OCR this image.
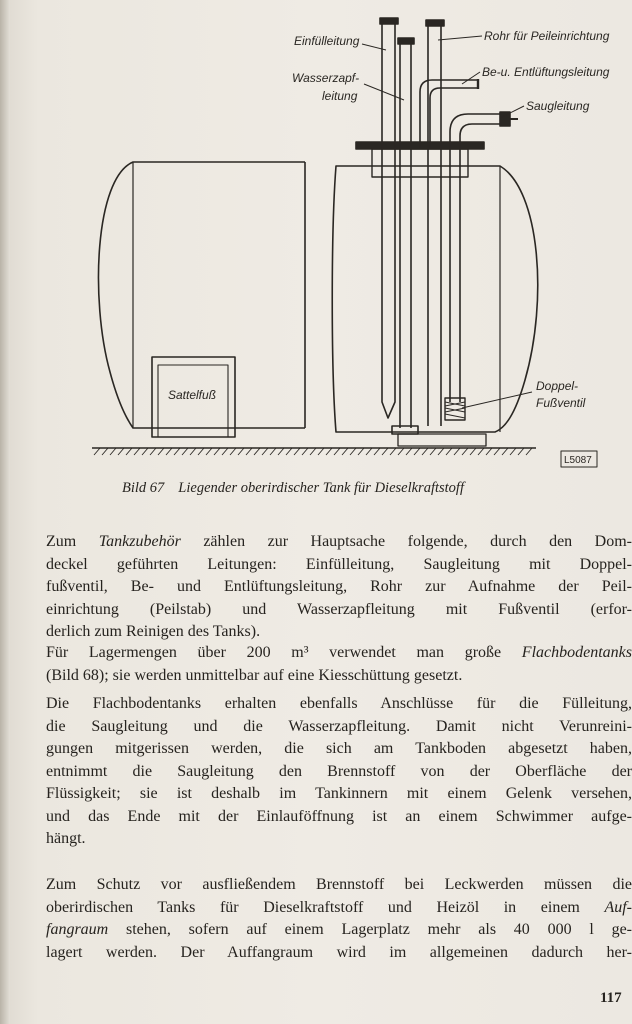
Einfülleitung
Wasserzapf-
leitung
Rohr für Peileinrichtung
Be-u. Entlüftungsleitung
Saugleitung
Sattelfuß
Doppel-
Fußventil
L5087
Bild 67 Liegender oberirdischer Tank für Dieselkraftstoff
Zum Tankzubehör zählen zur Hauptsache folgende, durch den Dom-
deckel geführten Leitungen: Einfülleitung, Saugleitung mit Doppel-
fußventil, Be- und Entlüftungsleitung, Rohr zur Aufnahme der Peil-
einrichtung (Peilstab) und Wasserzapfleitung mit Fußventil (erfor-
derlich zum Reinigen des Tanks).
Für Lagermengen über 200 m³ verwendet man große Flachbodentanks
(Bild 68); sie werden unmittelbar auf eine Kiesschüttung gesetzt.
Die Flachbodentanks erhalten ebenfalls Anschlüsse für die Fülleitung,
die Saugleitung und die Wasserzapfleitung. Damit nicht Verunreini-
gungen mitgerissen werden, die sich am Tankboden abgesetzt haben,
entnimmt die Saugleitung den Brennstoff von der Oberfläche der
Flüssigkeit; sie ist deshalb im Tankinnern mit einem Gelenk versehen,
und das Ende mit der Einlauföffnung ist an einem Schwimmer aufge-
hängt.
Zum Schutz vor ausfließendem Brennstoff bei Leckwerden müssen die
oberirdischen Tanks für Dieselkraftstoff und Heizöl in einem Auf-
fangraum stehen, sofern auf einem Lagerplatz mehr als 40 000 l ge-
lagert werden. Der Auffangraum wird im allgemeinen dadurch her-
117
